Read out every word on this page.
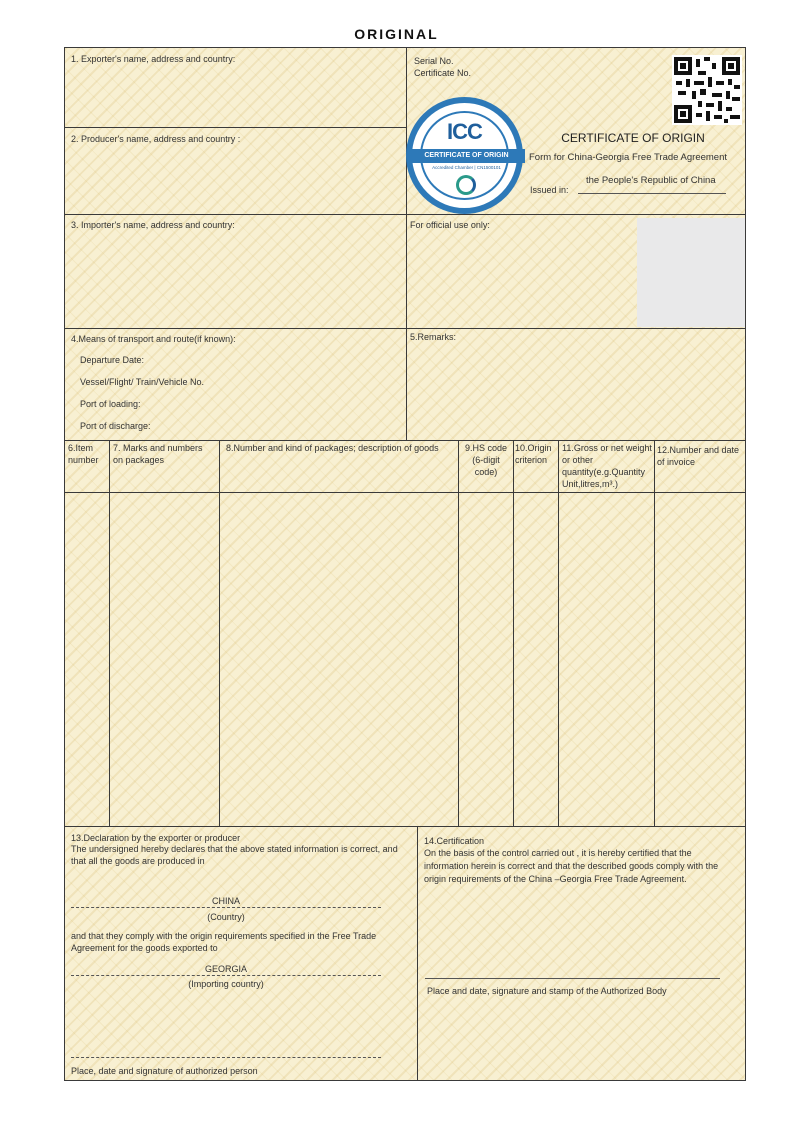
ORIGINAL
1. Exporter's name, address and country:
2. Producer's name, address and country :
Serial No.
Certificate No.
ICC
CERTIFICATE OF ORIGIN
Accredited Chamber | CN1500101
CERTIFICATE OF ORIGIN
Form for China-Georgia Free Trade Agreement
the People's Republic of China
Issued in:
3. Importer's name, address and country:	For official use only:
4.Means of transport and route(if known):
Departure Date:
Vessel/Flight/ Train/Vehicle No.
Port of loading:
Port of discharge:
5.Remarks:
6.Item number
7. Marks and numbers on packages
8.Number and kind of packages; description of goods	9.HS code (6-digit code)
10.Origin criterion
11.Gross or net weight or other quantity(e.g.Quantity Unit,litres,m³.)
12.Number and date of invoice
13.Declaration by the exporter or producer
The undersigned hereby declares that the above stated information is correct, and that all the goods are produced in
CHINA
(Country)
and that they comply with the origin requirements specified in the Free Trade Agreement for the goods exported to
GEORGIA
(Importing country)
Place, date and signature of authorized person
14.Certification
On the basis of the control carried out , it is hereby certified that the information herein is correct and that the described goods comply with the origin requirements of the China –Georgia Free Trade Agreement.
Place and date, signature and stamp of the Authorized Body
